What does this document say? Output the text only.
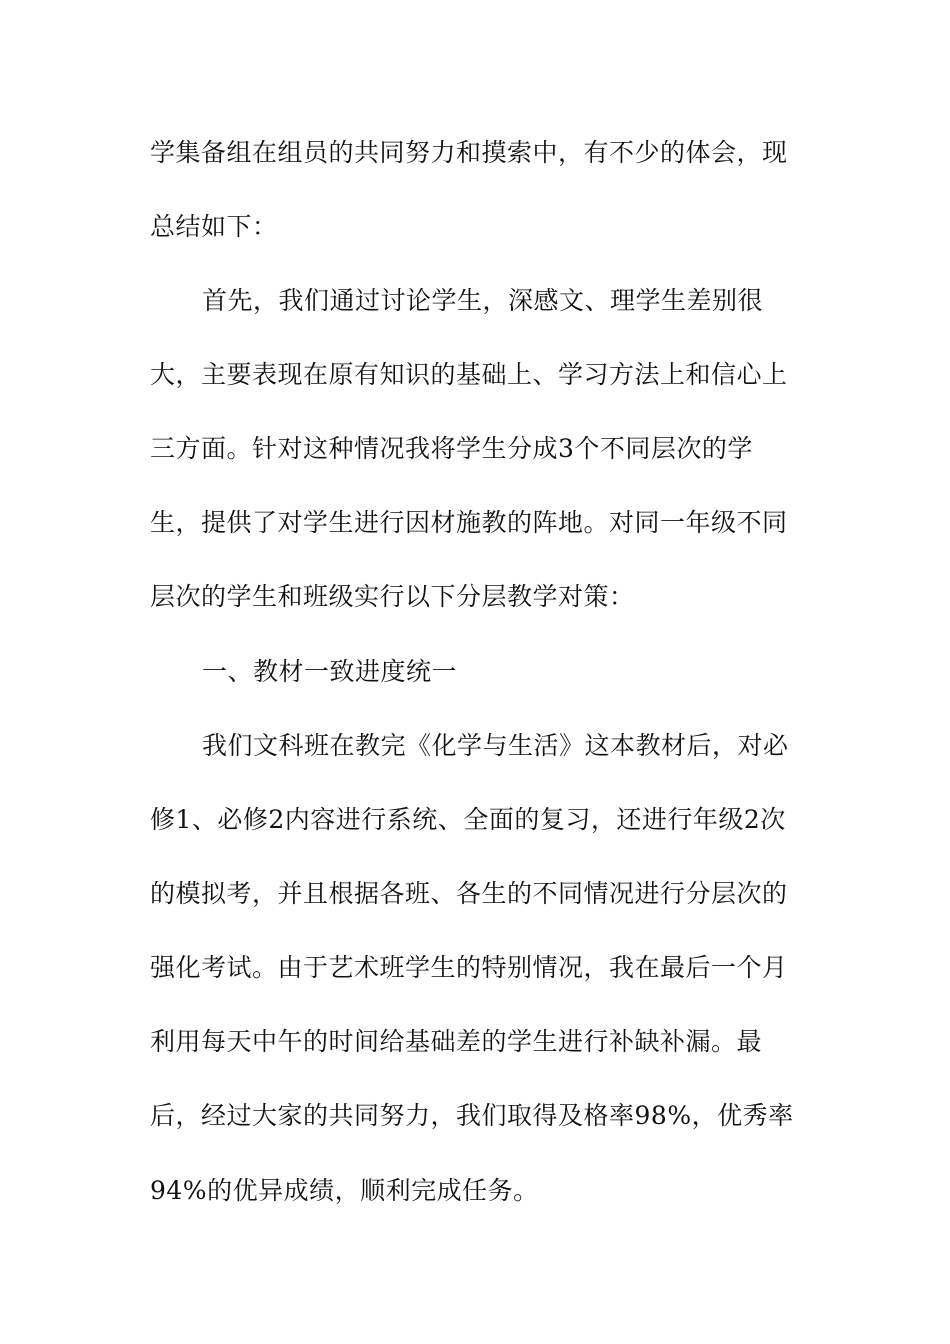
学集备组在组员的共同努力和摸索中，有不少的体会，现
总结如下：
首先，我们通过讨论学生，深感文、理学生差别很
大，主要表现在原有知识的基础上、学习方法上和信心上
三方面。针对这种情况我将学生分成3个不同层次的学
生，提供了对学生进行因材施教的阵地。对同一年级不同
层次的学生和班级实行以下分层教学对策：
一、教材一致进度统一
我们文科班在教完《化学与生活》这本教材后，对必
修1、必修2内容进行系统、全面的复习，还进行年级2次
的模拟考，并且根据各班、各生的不同情况进行分层次的
强化考试。由于艺术班学生的特别情况，我在最后一个月
利用每天中午的时间给基础差的学生进行补缺补漏。最
后，经过大家的共同努力，我们取得及格率98%，优秀率
94%的优异成绩，顺利完成任务。
